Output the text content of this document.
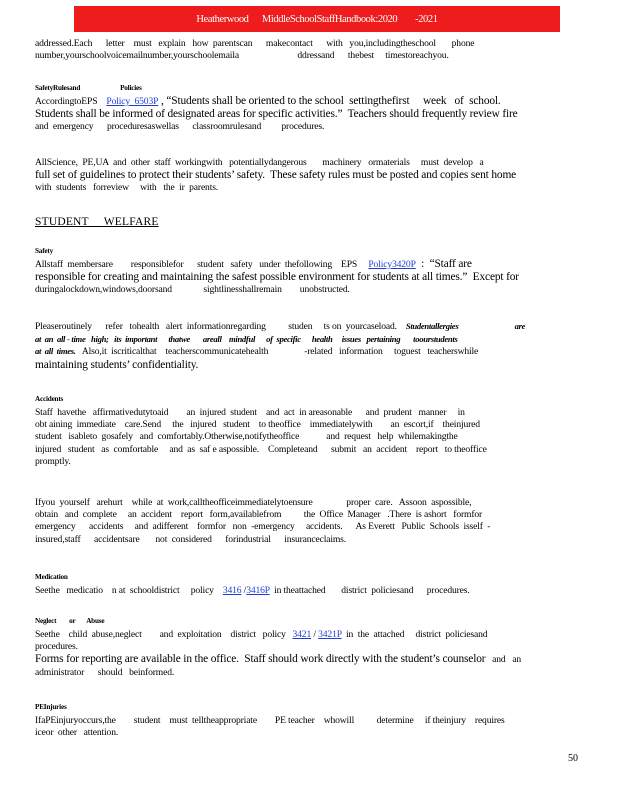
Heatherwood
MiddleSchoolStaffHandbook:2020
-2021

addressed.Each      letter    must   explain   how  parentscan      makecontact      with   you,includingtheschool       phone

number,yourschoolvoicemailnumber,yourschoolemaila                          ddressand      thebest     timestoreachyou.

SafetyRulesand	Policies

AccordingtoEPS    Policy  6503P , “Students shall be oriented to the school  settingthefirst     week   of  school.

Students shall be informed of designated areas for specific activities.”  Teachers should frequently review fire

and  emergency      proceduresaswellas      classroomrulesand         procedures.

AllScience,  PE,UA  and  other  staff  workingwith   potentiallydangerous       machinery   ormaterials     must  develop   a

full set of guidelines to protect their students’ safety.  These safety rules must be posted and copies sent home

with  students   forreview     with   the  ir  parents.

STUDENT     WELFARE

Safety

Allstaff  membersare        responsiblefor      student   safety   under  thefollowing    EPS     Policy3420P  :  “Staff are

responsible for creating and maintaining the safest possible environment for students at all times.”  Except for

duringalockdown,windows,doorsand              sightlinesshallremain        unobstructed.

Pleaseroutinely      refer   tohealth   alert  informationregarding          studen     ts on  yourcaseload. Studentallergies	are

at  an  all - time   high;   its  important      thatwe       areall    mindful      of  specific      health     issues   pertaining       toourstudents

at  all  times.   Also,it  iscriticalthat    teacherscommunicatehealth                -related   information     toguest   teacherswhile

maintaining students’ confidentiality.

Accidents

Staff  havethe   affirmativedutytoaid        an  injured  student    and  act  in areasonable      and  prudent   manner     in

obt aining  immediate    care.Send     the   injured   student    to theoffice    immediatelywith        an  escort,if    theinjured

student   isableto  gosafely   and  comfortably.Otherwise,notifytheoffice            and  request   help  whilemakingthe

injured   student   as  comfortable     and  as  saf e aspossible.    Completeand      submit   an  accident    report   to theoffice

promptly.

Ifyou  yourself   arehurt    while  at  work,calltheofficeimmediatelytoensure               proper  care.   Assoon  aspossible,

obtain   and  complete     an  accident    report   form,availablefrom          the  Office  Manager   .There  is ashort   formfor

emergency      accidents     and  adifferent    formfor   non  -emergency     accidents.      As Everett   Public  Schools  isself  -

insured,staff      accidentsare       not  considered      forindustrial      insuranceclaims.

Medication

Seethe   medicatio    n at  schooldistrict     policy    3416 /3416P  in theattached       district  policiesand      procedures.

Neglect or Abuse

Seethe    child  abuse,neglect        and  exploitation    district   policy   3421 / 3421P  in  the  attached     district  policiesand

procedures.

Forms for reporting are available in the office.  Staff should work directly with the student’s counselor   and   an

administrator      should   beinformed.

PEInjuries

IfaPEinjuryoccurs,the        student    must  telltheappropriate        PE teacher    whowill          determine     if theinjury    requires

iceor  other   attention.

50
